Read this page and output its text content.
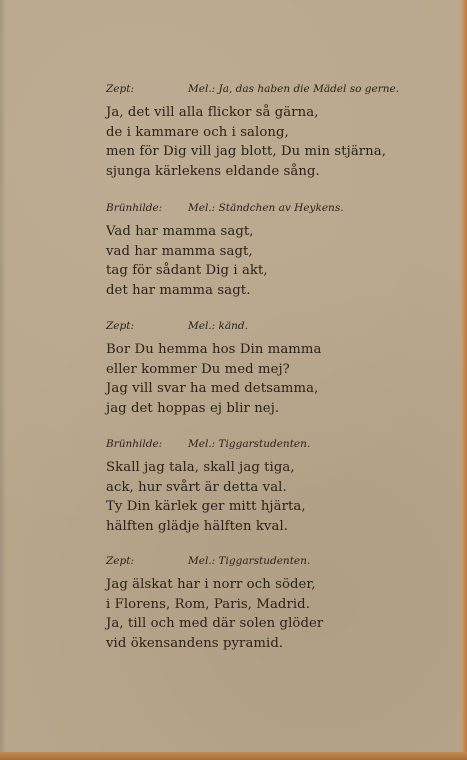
Zept:	Mel.: Ja, das haben die Mädel so gerne.
Ja, det vill alla flickor så gärna,
de i kammare och i salong,
men för Dig vill jag blott, Du min stjärna,
sjunga kärlekens eldande sång.
Brünhilde: Mel.: Ständchen av Heykens.
Vad har mamma sagt,
vad har mamma sagt,
tag för sådant Dig i akt,
det har mamma sagt.
Zept:	Mel.: känd.
Bor Du hemma hos Din mamma
eller kommer Du med mej?
Jag vill svar ha med detsamma,
jag det hoppas ej blir nej.
Brünhilde: Mel.: Tiggarstudenten.
Skall jag tala, skall jag tiga,
ack, hur svårt är detta val.
Ty Din kärlek ger mitt hjärta,
hälften glädje hälften kval.
Zept:	Mel.: Tiggarstudenten.
Jag älskat har i norr och söder,
i Florens, Rom, Paris, Madrid.
Ja, till och med där solen glöder
vid ökensandens pyramid.
